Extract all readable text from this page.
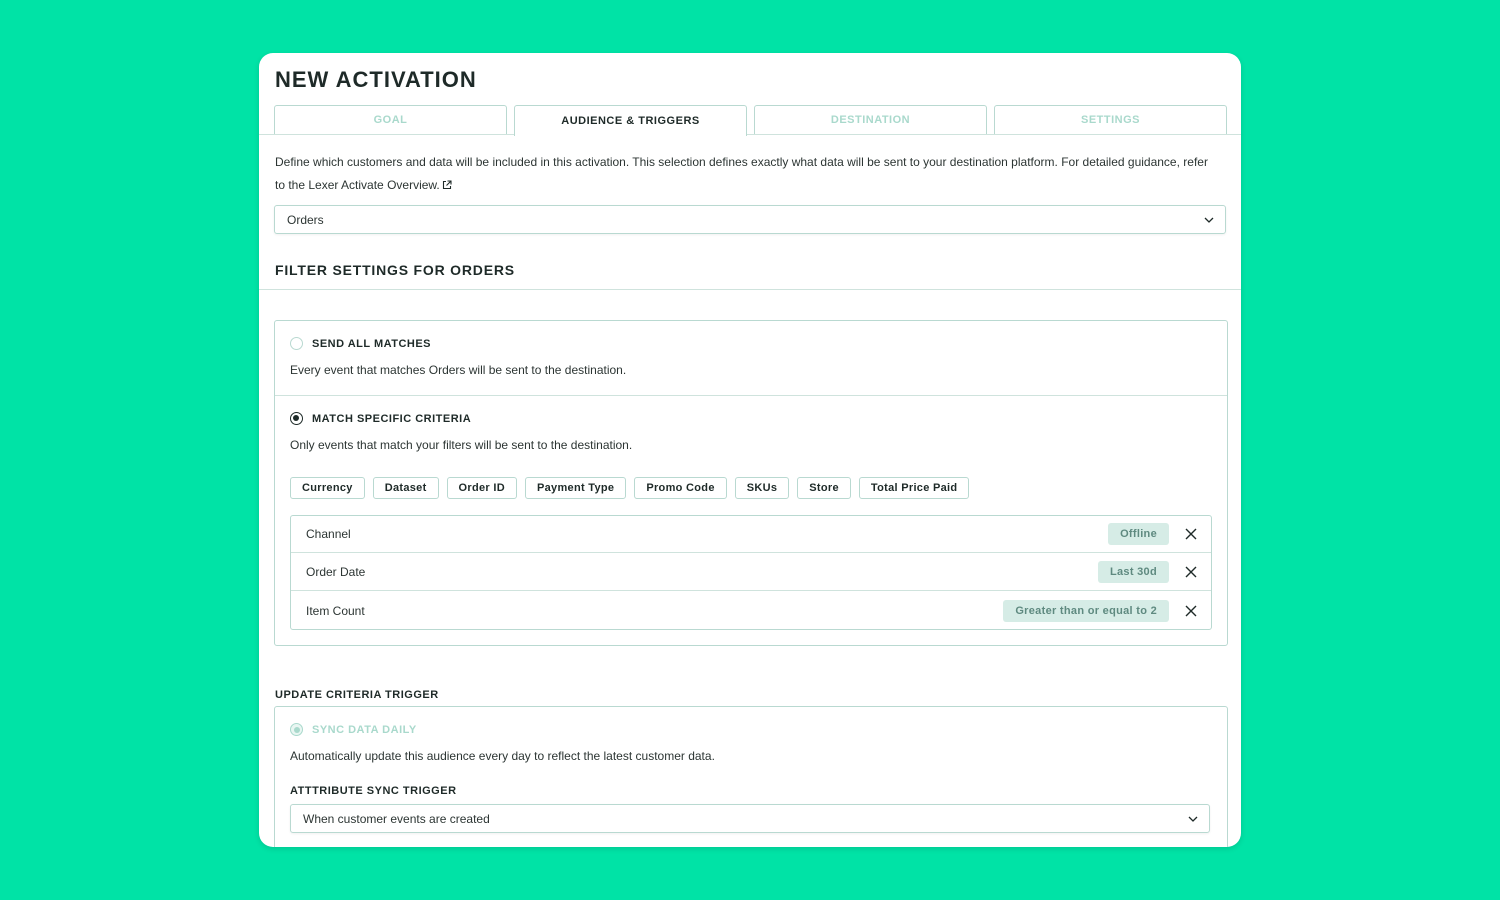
NEW ACTIVATION
GOAL	AUDIENCE & TRIGGERS	DESTINATION	SETTINGS
Define which customers and data will be included in this activation. This selection defines exactly what data will be sent to your destination platform. For detailed guidance, refer to the Lexer Activate Overview.
Orders
FILTER SETTINGS FOR ORDERS
SEND ALL MATCHES
Every event that matches Orders will be sent to the destination.
MATCH SPECIFIC CRITERIA
Only events that match your filters will be sent to the destination.
Currency	Dataset	Order ID	Payment Type	Promo Code	SKUs	Store	Total Price Paid
Channel	Offline
Order Date	Last 30d
Item Count	Greater than or equal to 2
UPDATE CRITERIA TRIGGER
SYNC DATA DAILY
Automatically update this audience every day to reflect the latest customer data.
ATTTRIBUTE SYNC TRIGGER
When customer events are created
